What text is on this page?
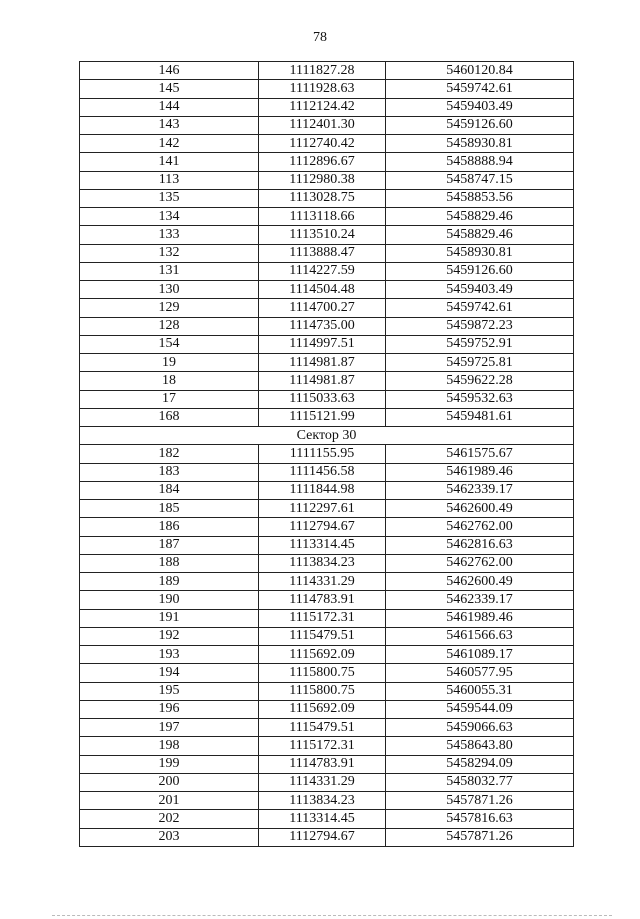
78
146	1111827.28	5460120.84
145	1111928.63	5459742.61
144	1112124.42	5459403.49
143	1112401.30	5459126.60
142	1112740.42	5458930.81
141	1112896.67	5458888.94
113	1112980.38	5458747.15
135	1113028.75	5458853.56
134	1113118.66	5458829.46
133	1113510.24	5458829.46
132	1113888.47	5458930.81
131	1114227.59	5459126.60
130	1114504.48	5459403.49
129	1114700.27	5459742.61
128	1114735.00	5459872.23
154	1114997.51	5459752.91
19	1114981.87	5459725.81
18	1114981.87	5459622.28
17	1115033.63	5459532.63
168	1115121.99	5459481.61
Сектор 30		
182	1111155.95	5461575.67
183	1111456.58	5461989.46
184	1111844.98	5462339.17
185	1112297.61	5462600.49
186	1112794.67	5462762.00
187	1113314.45	5462816.63
188	1113834.23	5462762.00
189	1114331.29	5462600.49
190	1114783.91	5462339.17
191	1115172.31	5461989.46
192	1115479.51	5461566.63
193	1115692.09	5461089.17
194	1115800.75	5460577.95
195	1115800.75	5460055.31
196	1115692.09	5459544.09
197	1115479.51	5459066.63
198	1115172.31	5458643.80
199	1114783.91	5458294.09
200	1114331.29	5458032.77
201	1113834.23	5457871.26
202	1113314.45	5457816.63
203	1112794.67	5457871.26
